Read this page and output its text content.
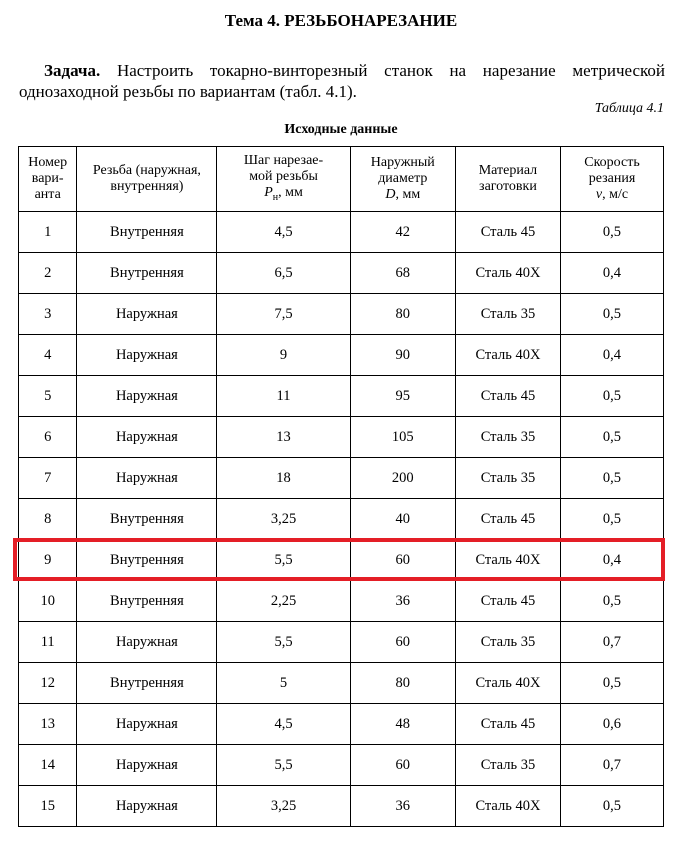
Тема 4. РЕЗЬБОНАРЕЗАНИЕ
Задача. Настроить токарно-винторезный станок на нарезание метрической однозаходной резьбы по вариантам (табл. 4.1).
Таблица 4.1
Исходные данные
Номер
вари-
анта	Резьба (наружная,
внутренняя)	Шаг нарезае-
мой резьбы
$P_н$, мм	Наружный
диаметр
D, мм	Материал
заготовки	Скорость
резания
v, м/с
1	Внутренняя	4,5	42	Сталь 45	0,5
2	Внутренняя	6,5	68	Сталь 40Х	0,4
3	Наружная	7,5	80	Сталь 35	0,5
4	Наружная	9	90	Сталь 40Х	0,4
5	Наружная	11	95	Сталь 45	0,5
6	Наружная	13	105	Сталь 35	0,5
7	Наружная	18	200	Сталь 35	0,5
8	Внутренняя	3,25	40	Сталь 45	0,5
9	Внутренняя	5,5	60	Сталь 40Х	0,4
10	Внутренняя	2,25	36	Сталь 45	0,5
11	Наружная	5,5	60	Сталь 35	0,7
12	Внутренняя	5	80	Сталь 40Х	0,5
13	Наружная	4,5	48	Сталь 45	0,6
14	Наружная	5,5	60	Сталь 35	0,7
15	Наружная	3,25	36	Сталь 40Х	0,5
